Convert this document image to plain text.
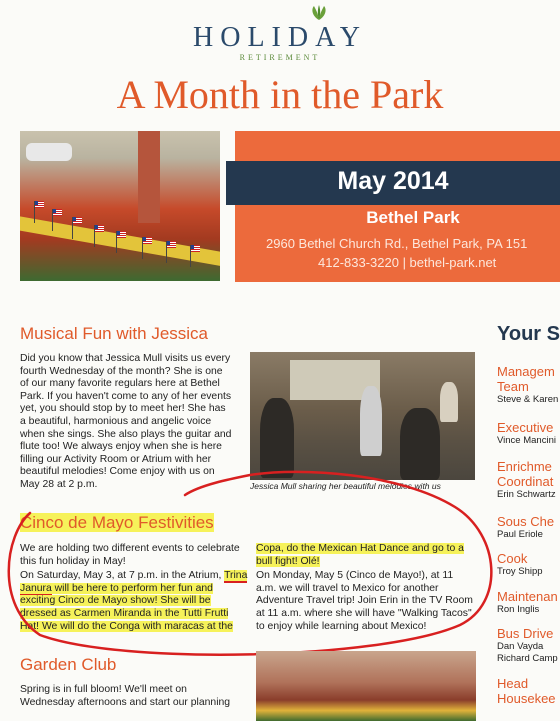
HOLIDAY
RETIREMENT
A Month in the Park
May 2014
Bethel Park
2960 Bethel Church Rd., Bethel Park, PA 151
412-833-3220 | bethel-park.net
Musical Fun with Jessica
Did you know that Jessica Mull visits us every
fourth Wednesday of the month? She is one
of our many favorite regulars here at Bethel
Park. If you haven't come to any of her events
yet, you should stop by to meet her! She has
a beautiful, harmonious and angelic voice
when she sings. She also plays the guitar and
flute too! We always enjoy when she is here
filling our Activity Room or Atrium with her
beautiful melodies! Come enjoy with us on
May 28 at 2 p.m.	Jessica Mull sharing her beautiful melodies with us
Cinco de Mayo Festivities

We are holding two different events to celebrate this fun holiday in May!

On Saturday, May 3, at 7 p.m. in the Atrium, Trina Janura will be here to perform her fun and exciting Cinco de Mayo show! She will be dressed as Carmen Miranda in the Tutti Frutti Hat! We will do the Conga with maracas at the

Copa, do the Mexican Hat Dance and go to a bull fight! Olé!

On Monday, May 5 (Cinco de Mayo!), at 11 a.m. we will travel to Mexico for another Adventure Travel trip! Join Erin in the TV Room at 11 a.m. where she will have "Walking Tacos" to enjoy while learning about Mexico!

Garden Club
Spring is in full bloom! We'll meet on
Wednesday afternoons and start our planning
Your S
Managem
Team
Steve & Karen
Executive
Vince Mancini
Enrichme
Coordinat
Erin Schwartz
Sous Che
Paul Eriole
Cook
Troy Shipp
Maintenan
Ron Inglis
Bus Drive
Dan Vayda
Richard Camp
Head
Housekee
